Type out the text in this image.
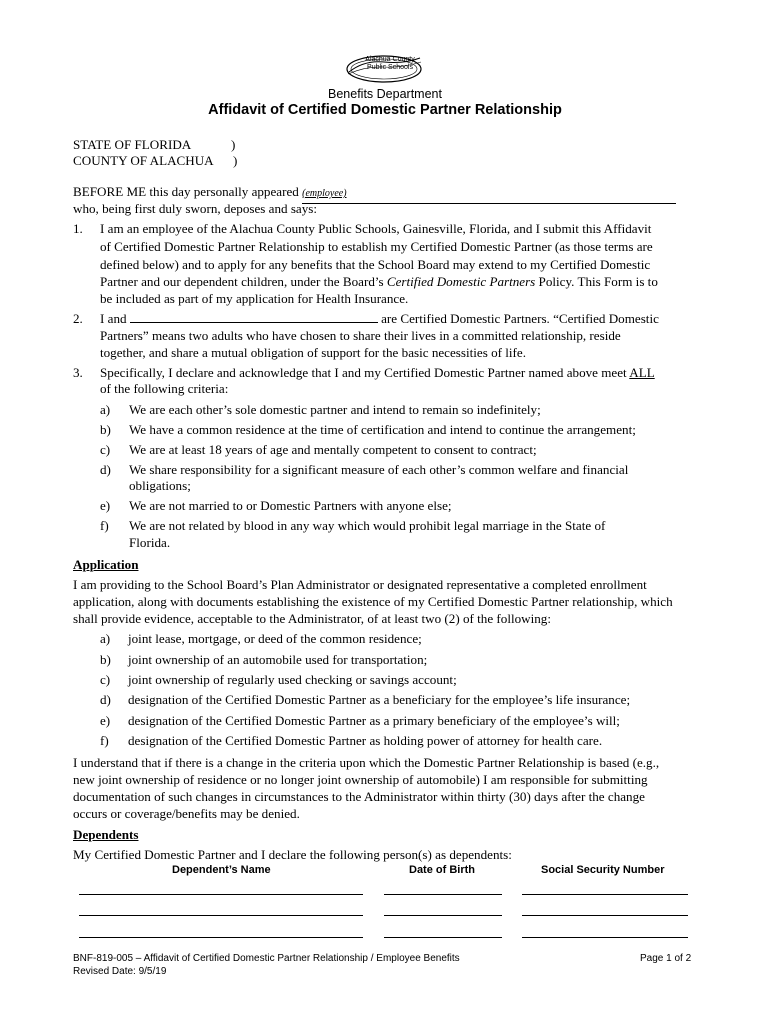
Alachua County
Public Schools
Benefits Department
Affidavit of Certified Domestic Partner Relationship
STATE OF FLORIDA	)
COUNTY OF ALACHUA )
BEFORE ME this day personally appeared (employee)
who, being first duly sworn, deposes and says:
1. I am an employee of the Alachua County Public Schools, Gainesville, Florida, and I submit this Affidavit
of Certified Domestic Partner Relationship to establish my Certified Domestic Partner (as those terms are
defined below) and to apply for any benefits that the School Board may extend to my Certified Domestic
Partner and our dependent children, under the Board’s Certified Domestic Partners Policy. This Form is to
be included as part of my application for Health Insurance.
2. I and	are Certified Domestic Partners. “Certified Domestic
Partners” means two adults who have chosen to share their lives in a committed relationship, reside
together, and share a mutual obligation of support for the basic necessities of life.
3. Specifically, I declare and acknowledge that I and my Certified Domestic Partner named above meet ALL
of the following criteria:
a) We are each other’s sole domestic partner and intend to remain so indefinitely;
b) We have a common residence at the time of certification and intend to continue the arrangement;
c) We are at least 18 years of age and mentally competent to consent to contract;
d) We share responsibility for a significant measure of each other’s common welfare and financial
obligations;
e) We are not married to or Domestic Partners with anyone else;
f) We are not related by blood in any way which would prohibit legal marriage in the State of
Florida.
Application
I am providing to the School Board’s Plan Administrator or designated representative a completed enrollment
application, along with documents establishing the existence of my Certified Domestic Partner relationship, which
shall provide evidence, acceptable to the Administrator, of at least two (2) of the following:
a) joint lease, mortgage, or deed of the common residence;
b) joint ownership of an automobile used for transportation;
c) joint ownership of regularly used checking or savings account;
d) designation of the Certified Domestic Partner as a beneficiary for the employee’s life insurance;
e) designation of the Certified Domestic Partner as a primary beneficiary of the employee’s will;
f) designation of the Certified Domestic Partner as holding power of attorney for health care.
I understand that if there is a change in the criteria upon which the Domestic Partner Relationship is based (e.g.,
new joint ownership of residence or no longer joint ownership of automobile) I am responsible for submitting
documentation of such changes in circumstances to the Administrator within thirty (30) days after the change
occurs or coverage/benefits may be denied.
Dependents
My Certified Domestic Partner and I declare the following person(s) as dependents:
Dependent’s Name	Date of Birth	Social Security Number
BNF-819-005 – Affidavit of Certified Domestic Partner Relationship / Employee Benefits
Revised Date: 9/5/19
Page 1 of 2
